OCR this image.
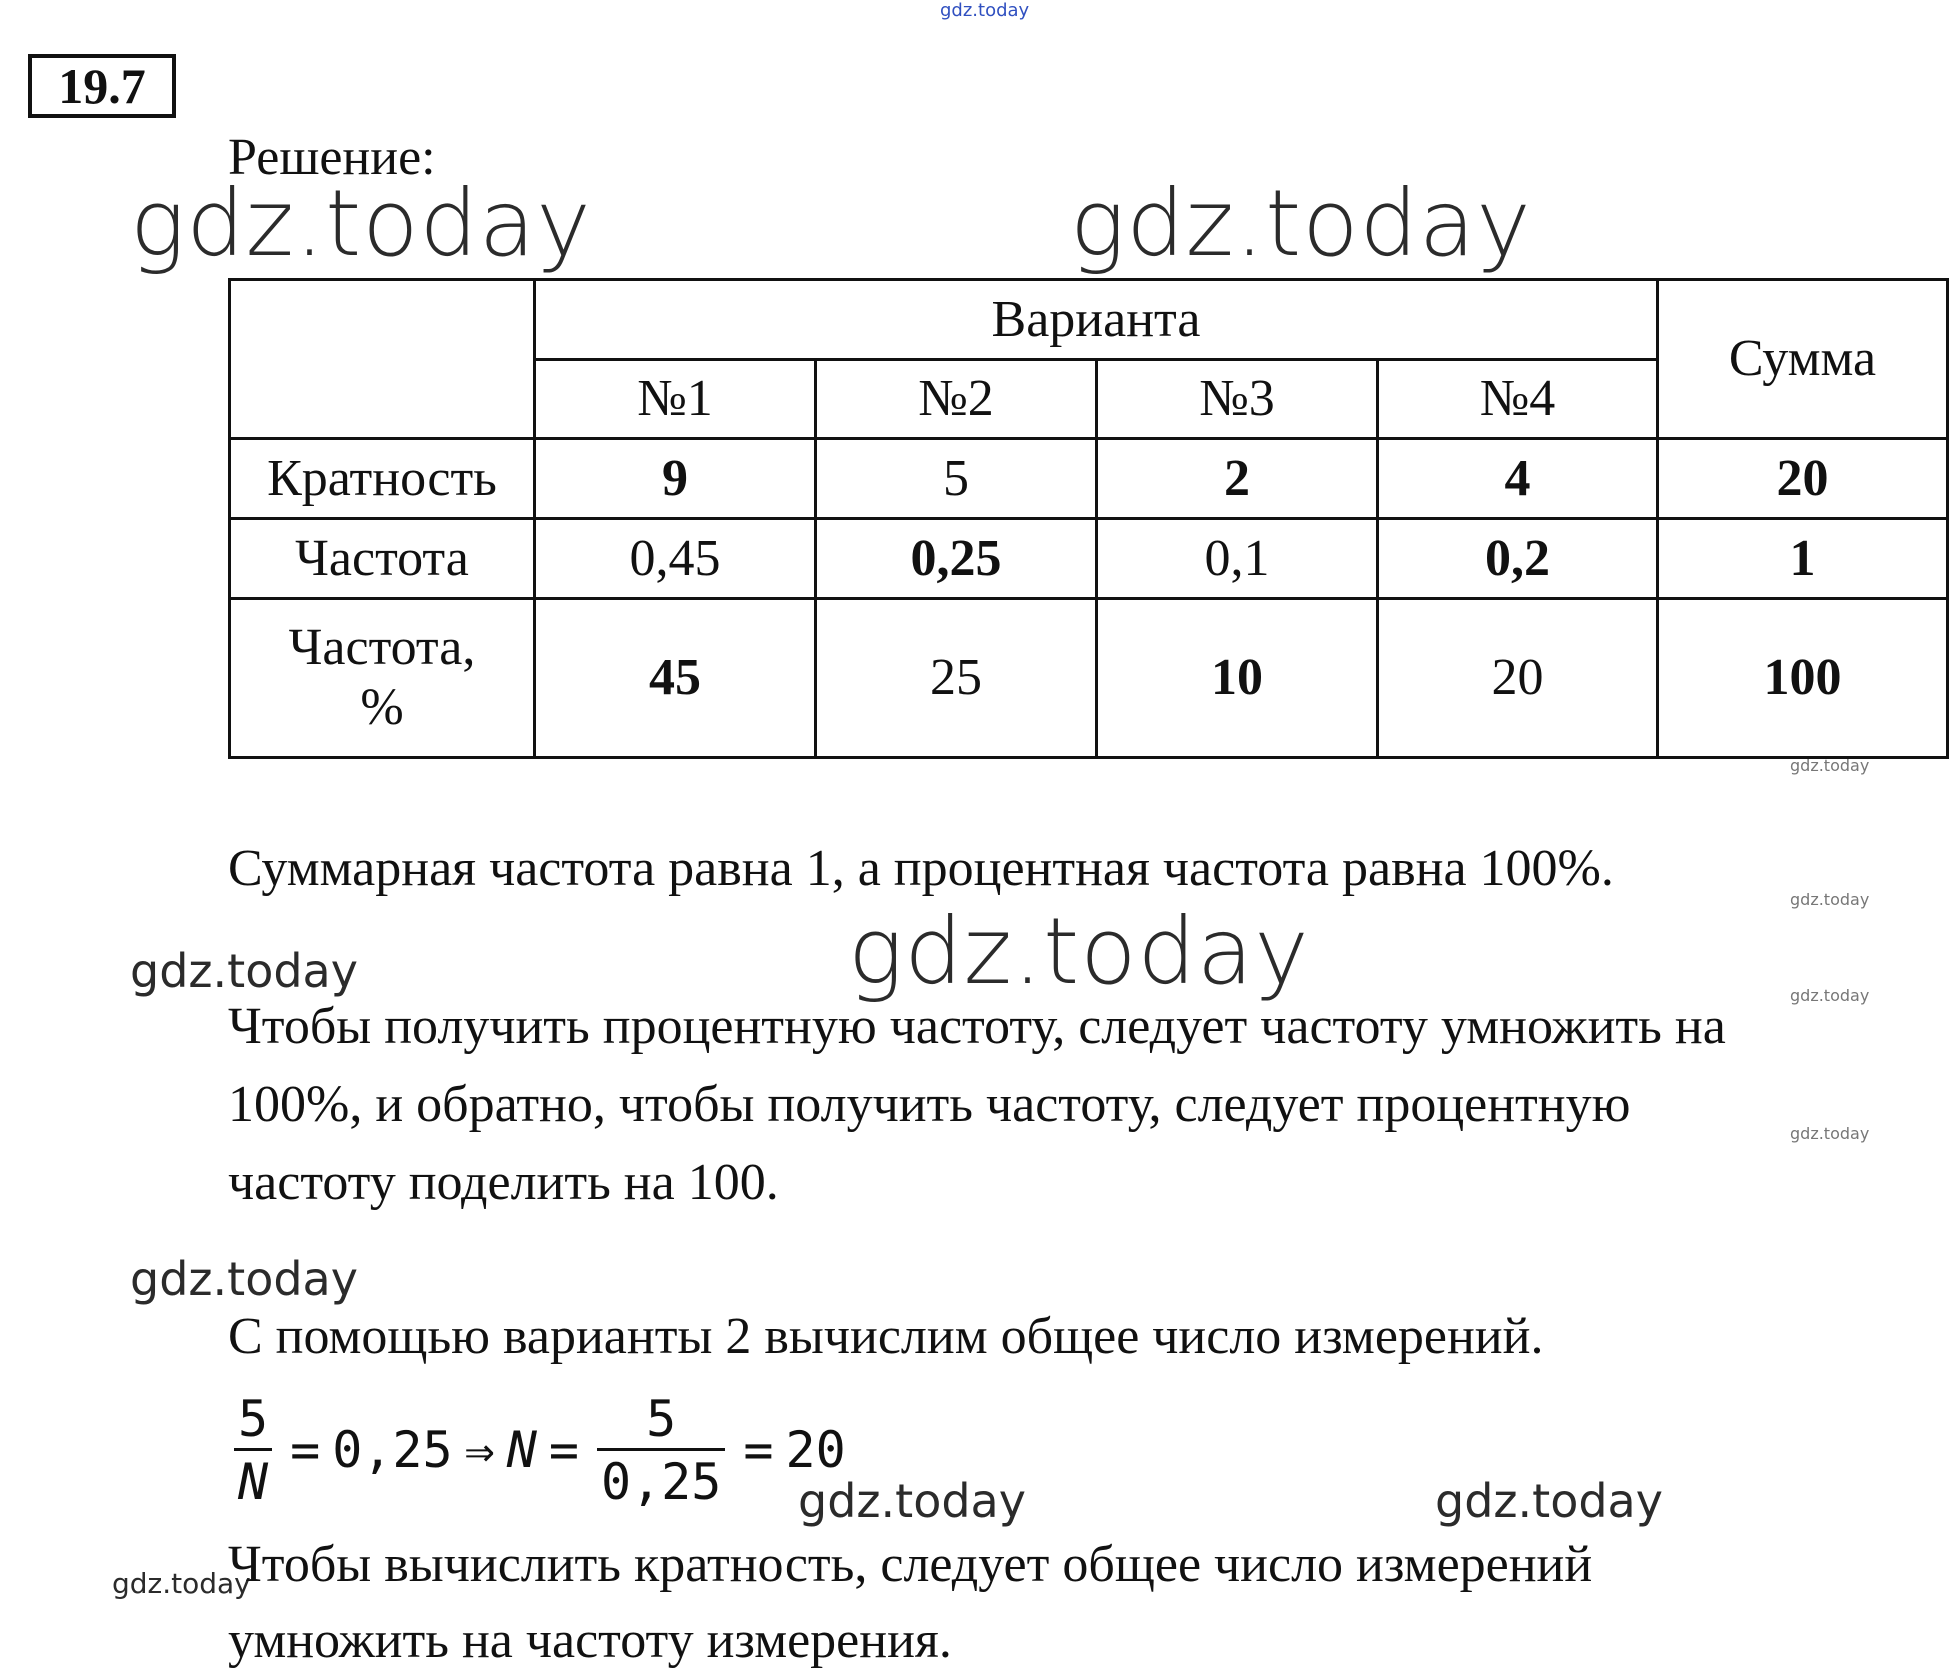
gdz.today
19.7
Решение:
gdz.today	gdz.today
	Варианта				Сумма
	№1	№2	№3	№4	
Кратность	9	5	2	4	20
Частота	0,45	0,25	0,1	0,2	1

Частота,
%	45	25	10	20	100
gdz.today
Суммарная частота равна 1, а процентная частота равна 100%.
gdz.today
gdz.today
gdz.today	gdz.today
Чтобы получить процентную частоту, следует частоту умножить на
100%, и обратно, чтобы получить частоту, следует процентную
gdz.today
частоту поделить на 100.
gdz.today
С помощью варианты 2 вычислим общее число измерений.
$\frac{5}{N} = 0,25$ ⇒ $N = \frac{5}{0,25} = 20$
gdz.today	gdz.today
gdz.today
Чтобы вычислить кратность, следует общее число измерений
умножить на частоту измерения.
